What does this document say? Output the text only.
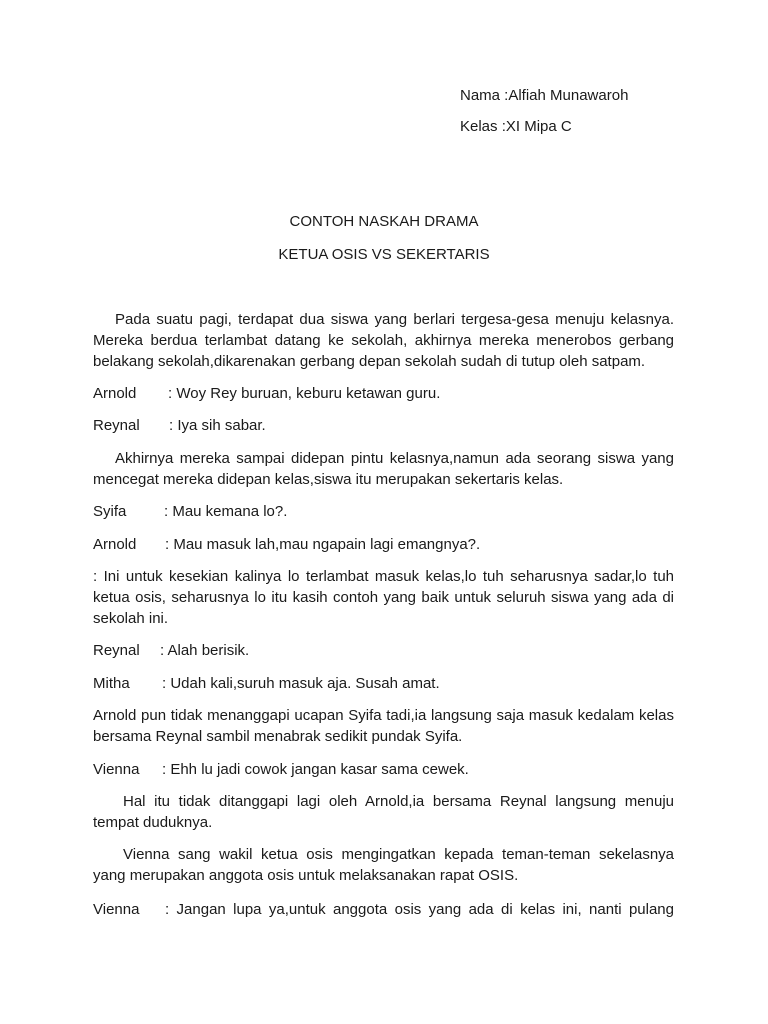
Nama :Alfiah Munawaroh

Kelas :XI Mipa C

CONTOH NASKAH DRAMA

KETUA OSIS VS SEKERTARIS

Pada suatu pagi, terdapat dua siswa yang berlari tergesa-gesa menuju kelasnya. Mereka berdua terlambat datang ke sekolah, akhirnya mereka menerobos gerbang belakang sekolah,dikarenakan gerbang depan sekolah sudah di tutup oleh satpam.

Arnold : Woy Rey buruan, keburu ketawan guru.
Reynal : Iya sih sabar.

Akhirnya mereka sampai didepan pintu kelasnya,namun ada seorang siswa yang mencegat mereka didepan kelas,siswa itu merupakan sekertaris kelas.

Syifa	: Mau kemana lo?.
Arnold : Mau masuk lah,mau ngapain lagi emangnya?.

: Ini untuk kesekian kalinya lo terlambat masuk kelas,lo tuh seharusnya sadar,lo tuh ketua osis, seharusnya lo itu kasih contoh yang baik untuk seluruh siswa yang ada di sekolah ini.

Reynal : Alah berisik.
Mitha : Udah kali,suruh masuk aja. Susah amat.

Arnold pun tidak menanggapi ucapan Syifa tadi,ia langsung saja masuk kedalam kelas bersama Reynal sambil menabrak sedikit pundak Syifa.

Vienna : Ehh lu jadi cowok jangan kasar sama cewek.

Hal itu tidak ditanggapi lagi oleh Arnold,ia bersama Reynal langsung menuju tempat duduknya.

Vienna sang wakil ketua osis mengingatkan kepada teman-teman sekelasnya yang merupakan anggota osis untuk melaksanakan rapat OSIS.

Vienna : Jangan lupa ya,untuk anggota osis yang ada di kelas ini, nanti pulang
